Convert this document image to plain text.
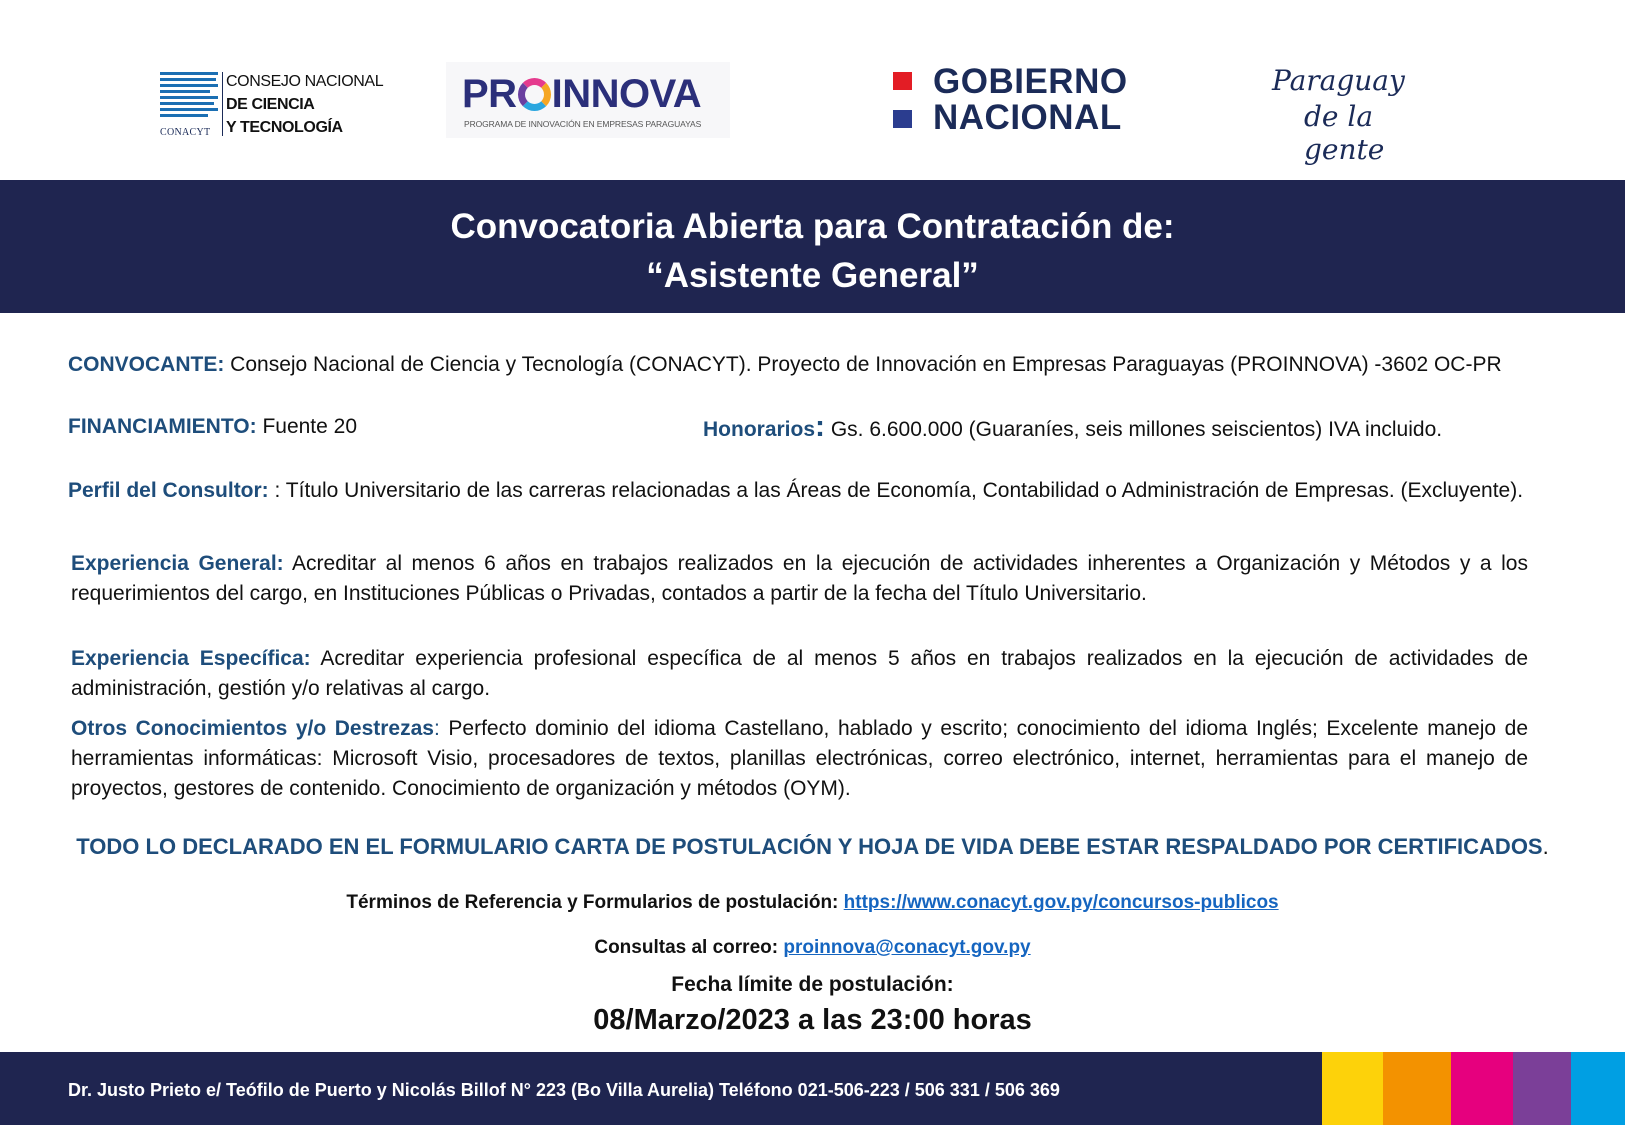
CONACYT
CONSEJO NACIONAL
DE CIENCIA
Y TECNOLOGÍA
PR INNOVA
PROGRAMA DE INNOVACIÓN EN EMPRESAS PARAGUAYAS
GOBIERNO
NACIONAL
Paraguay
de la gente
Convocatoria Abierta para Contratación de:
“Asistente General”
CONVOCANTE: Consejo Nacional de Ciencia y Tecnología (CONACYT). Proyecto de Innovación en Empresas Paraguayas (PROINNOVA) -3602 OC-PR
FINANCIAMIENTO: Fuente 20	Honorarios: Gs. 6.600.000 (Guaraníes, seis millones seiscientos) IVA incluido.
Perfil del Consultor: : Título Universitario de las carreras relacionadas a las Áreas de Economía, Contabilidad o Administración de Empresas. (Excluyente).
Experiencia General: Acreditar al menos 6 años en trabajos realizados en la ejecución de actividades inherentes a Organización y Métodos y a los requerimientos del cargo, en Instituciones Públicas o Privadas, contados a partir de la fecha del Título Universitario.
Experiencia Específica: Acreditar experiencia profesional específica de al menos 5 años en trabajos realizados en la ejecución de actividades de administración, gestión y/o relativas al cargo.
Otros Conocimientos y/o Destrezas: Perfecto dominio del idioma Castellano, hablado y escrito; conocimiento del idioma Inglés; Excelente manejo de herramientas informáticas: Microsoft Visio, procesadores de textos, planillas electrónicas, correo electrónico, internet, herramientas para el manejo de proyectos, gestores de contenido. Conocimiento de organización y métodos (OYM).
TODO LO DECLARADO EN EL FORMULARIO CARTA DE POSTULACIÓN Y HOJA DE VIDA DEBE ESTAR RESPALDADO POR CERTIFICADOS.
Términos de Referencia y Formularios de postulación: https://www.conacyt.gov.py/concursos-publicos
Consultas al correo: proinnova@conacyt.gov.py
Fecha límite de postulación:
08/Marzo/2023 a las 23:00 horas
Dr. Justo Prieto e/ Teófilo de Puerto y Nicolás Billof N° 223 (Bo Villa Aurelia) Teléfono 021-506-223 / 506 331 / 506 369
